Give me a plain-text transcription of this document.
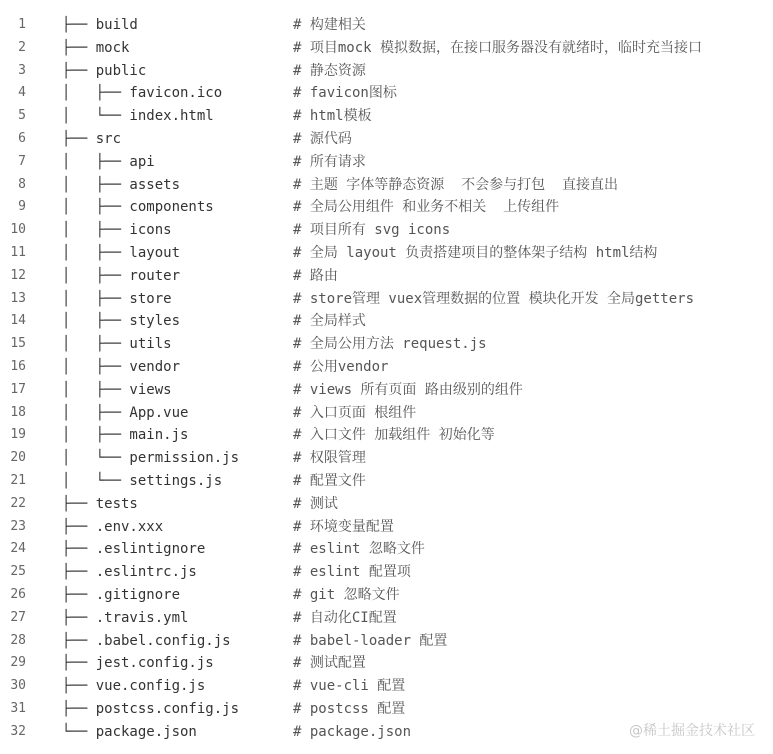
1	├── build	# 构建相关
2	├── mock	# 项目mock 模拟数据，在接口服务器没有就绪时，临时充当接口
3	├── public	# 静态资源
4	│   ├── favicon.ico	# favicon图标
5	│   └── index.html	# html模板
6	├── src	# 源代码
7	│   ├── api	# 所有请求
8	│   ├── assets	# 主题 字体等静态资源  不会参与打包  直接直出
9	│   ├── components	# 全局公用组件 和业务不相关  上传组件
10	│   ├── icons	# 项目所有 svg icons
11	│   ├── layout	# 全局 layout 负责搭建项目的整体架子结构 html结构
12	│   ├── router	# 路由
13	│   ├── store	# store管理 vuex管理数据的位置 模块化开发 全局getters
14	│   ├── styles	# 全局样式
15	│   ├── utils	# 全局公用方法 request.js
16	│   ├── vendor	# 公用vendor
17	│   ├── views	# views 所有页面 路由级别的组件
18	│   ├── App.vue	# 入口页面 根组件
19	│   ├── main.js	# 入口文件 加载组件 初始化等
20	│   └── permission.js	# 权限管理
21	│   └── settings.js	# 配置文件
22	├── tests	# 测试
23	├── .env.xxx	# 环境变量配置
24	├── .eslintignore	# eslint 忽略文件
25	├── .eslintrc.js	# eslint 配置项
26	├── .gitignore	# git 忽略文件
27	├── .travis.yml	# 自动化CI配置
28	├── .babel.config.js	# babel-loader 配置
29	├── jest.config.js	# 测试配置
30	├── vue.config.js	# vue-cli 配置
31	├── postcss.config.js	# postcss 配置
32	└── package.json	# package.json	@稀土掘金技术社区
